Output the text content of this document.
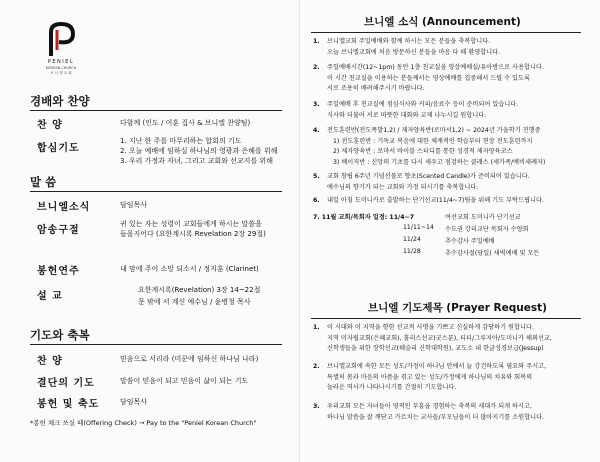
PENIEL
KOREAN CHURCH
브 니 엘 교 회
경배와 찬양
찬 양	다함께 (인도 / 이훈 집사 & 브니엘 찬양팀)
합심기도
1. 지난 한 주를 마무리하는 합회의 기도
2. 오늘 예배에 임하실 하나님의 영광과 은혜를 위해
3. 우리 가정과 자녀, 그리고 교회와 선교지를 위해
말 씀
브니엘소식	담임목사
암송구절
귀 있는 자는 성령이 교회들에게 하시는 말씀을
들을지어다 (요한계시록 Revelation 2장 29절)
봉헌연주	내 맘에 주어 소망 되소서 / 정지훈 (Clarinet)
설 교
요한계시록(Revelation) 3장 14~22절
문 밖에 서 계신 예수님 / 윤병청 목사
기도와 축복
찬 양	믿음으로 서리라 (미꾼에 임하신 하나님 나라)
결단의 기도	말씀이 믿음이 되고 믿음이 삶이 되는 기도
봉헌 및 축도	담임목사
*봉헌 체크 쓰실 때(Offering Check) → Pay to the "Peniel Korean Church"
브니엘 소식 (Announcement)
1. 브니엘교회 주일예배와 함께 하시는 모든 분들을 축복합니다.
오늘 브니엘교회에 처음 방문하신 분들을 마음 다 해 환영합니다.
2. 주일예배시간(12~1pm) 동안 1층 친교실을 영상예배실/유아방으로 사용합니다.
이 시간 친교실을 이용하는 분들께서는 영상예배를 집중해서 드릴 수 있도록
서로 조용히 배려해주시기 바랍니다.
3. 주일예배 후 친교실에 점심식사와 커피/음료수 등이 준비되어 있습니다.
식사와 더불어 서로 따뜻한 대화와 교제 나누시길 원합니다.
4. 전도훈련반(전도폭발1,2) / 제자양육반(로마서1,2) ~ 2024년 가을학기 진행중
1) 전도훈련반 : 기독교 복음에 대한 체계적인 학습부터 현장 전도훈련까지
2) 제자양육반 : 로마서 바이블 스터디를 통한 성경적 제자양육코스
3) 베이직반 : 신앙의 기초를 다시 세우고 점검하는 클래스 (세가족/예비세례자)
5. 교회 창립 6주년 기념선물로 향초(Scented Candle)가 준비되어 있습니다.
예수님의 향기가 되는 교회와 가정 되시기를 축복합니다.
6. 내일 아침 도미니카로 출발하는 단기선교(11/4~7)팀을 위해 기도 부탁드립니다.
7. 11월 교회/목회자 일정: 11/4~7	여선교회 도미니카 단기선교
11/11~14 수도권 강리교단 목회자 수양회
11/24	추수감사 주일예배
11/28	추수감사절(당일) 새벽예배 및 모든
브니엘 기도제목 (Prayer Request)
1. 이 시대와 이 지역을 향한 선교적 사명을 기쁘고 신실하게 감당하기 원합니다.
지역 미자립교회(은혜교회), 홀리스선교(굿스푼), 티티/그루지아/도미니카 해외선교,
신학생들을 위한 장학선교(웨슬리 신학대학원), 교도소 내 한글성경보급(Jessup)
2. 브니엘교회에 속한 모든 성도/가정이 하나님 안에서 늘 강건하도록 필요와 주시고,
특별히 몸과 마음의 아픔을 겪고 있는 성도/가정에게 하나님의 치유와 회복의
놀라운 역사가 나타나시기를 간절히 기도합니다.
3. 우리교회 모든 자녀들이 영적인 부흥을 경험하는 축복의 세대가 되게 하시고,
하나님 말씀을 잘 깨닫고 가르치는 교사들/부모님들이 더 많아지기를 소원합니다.
